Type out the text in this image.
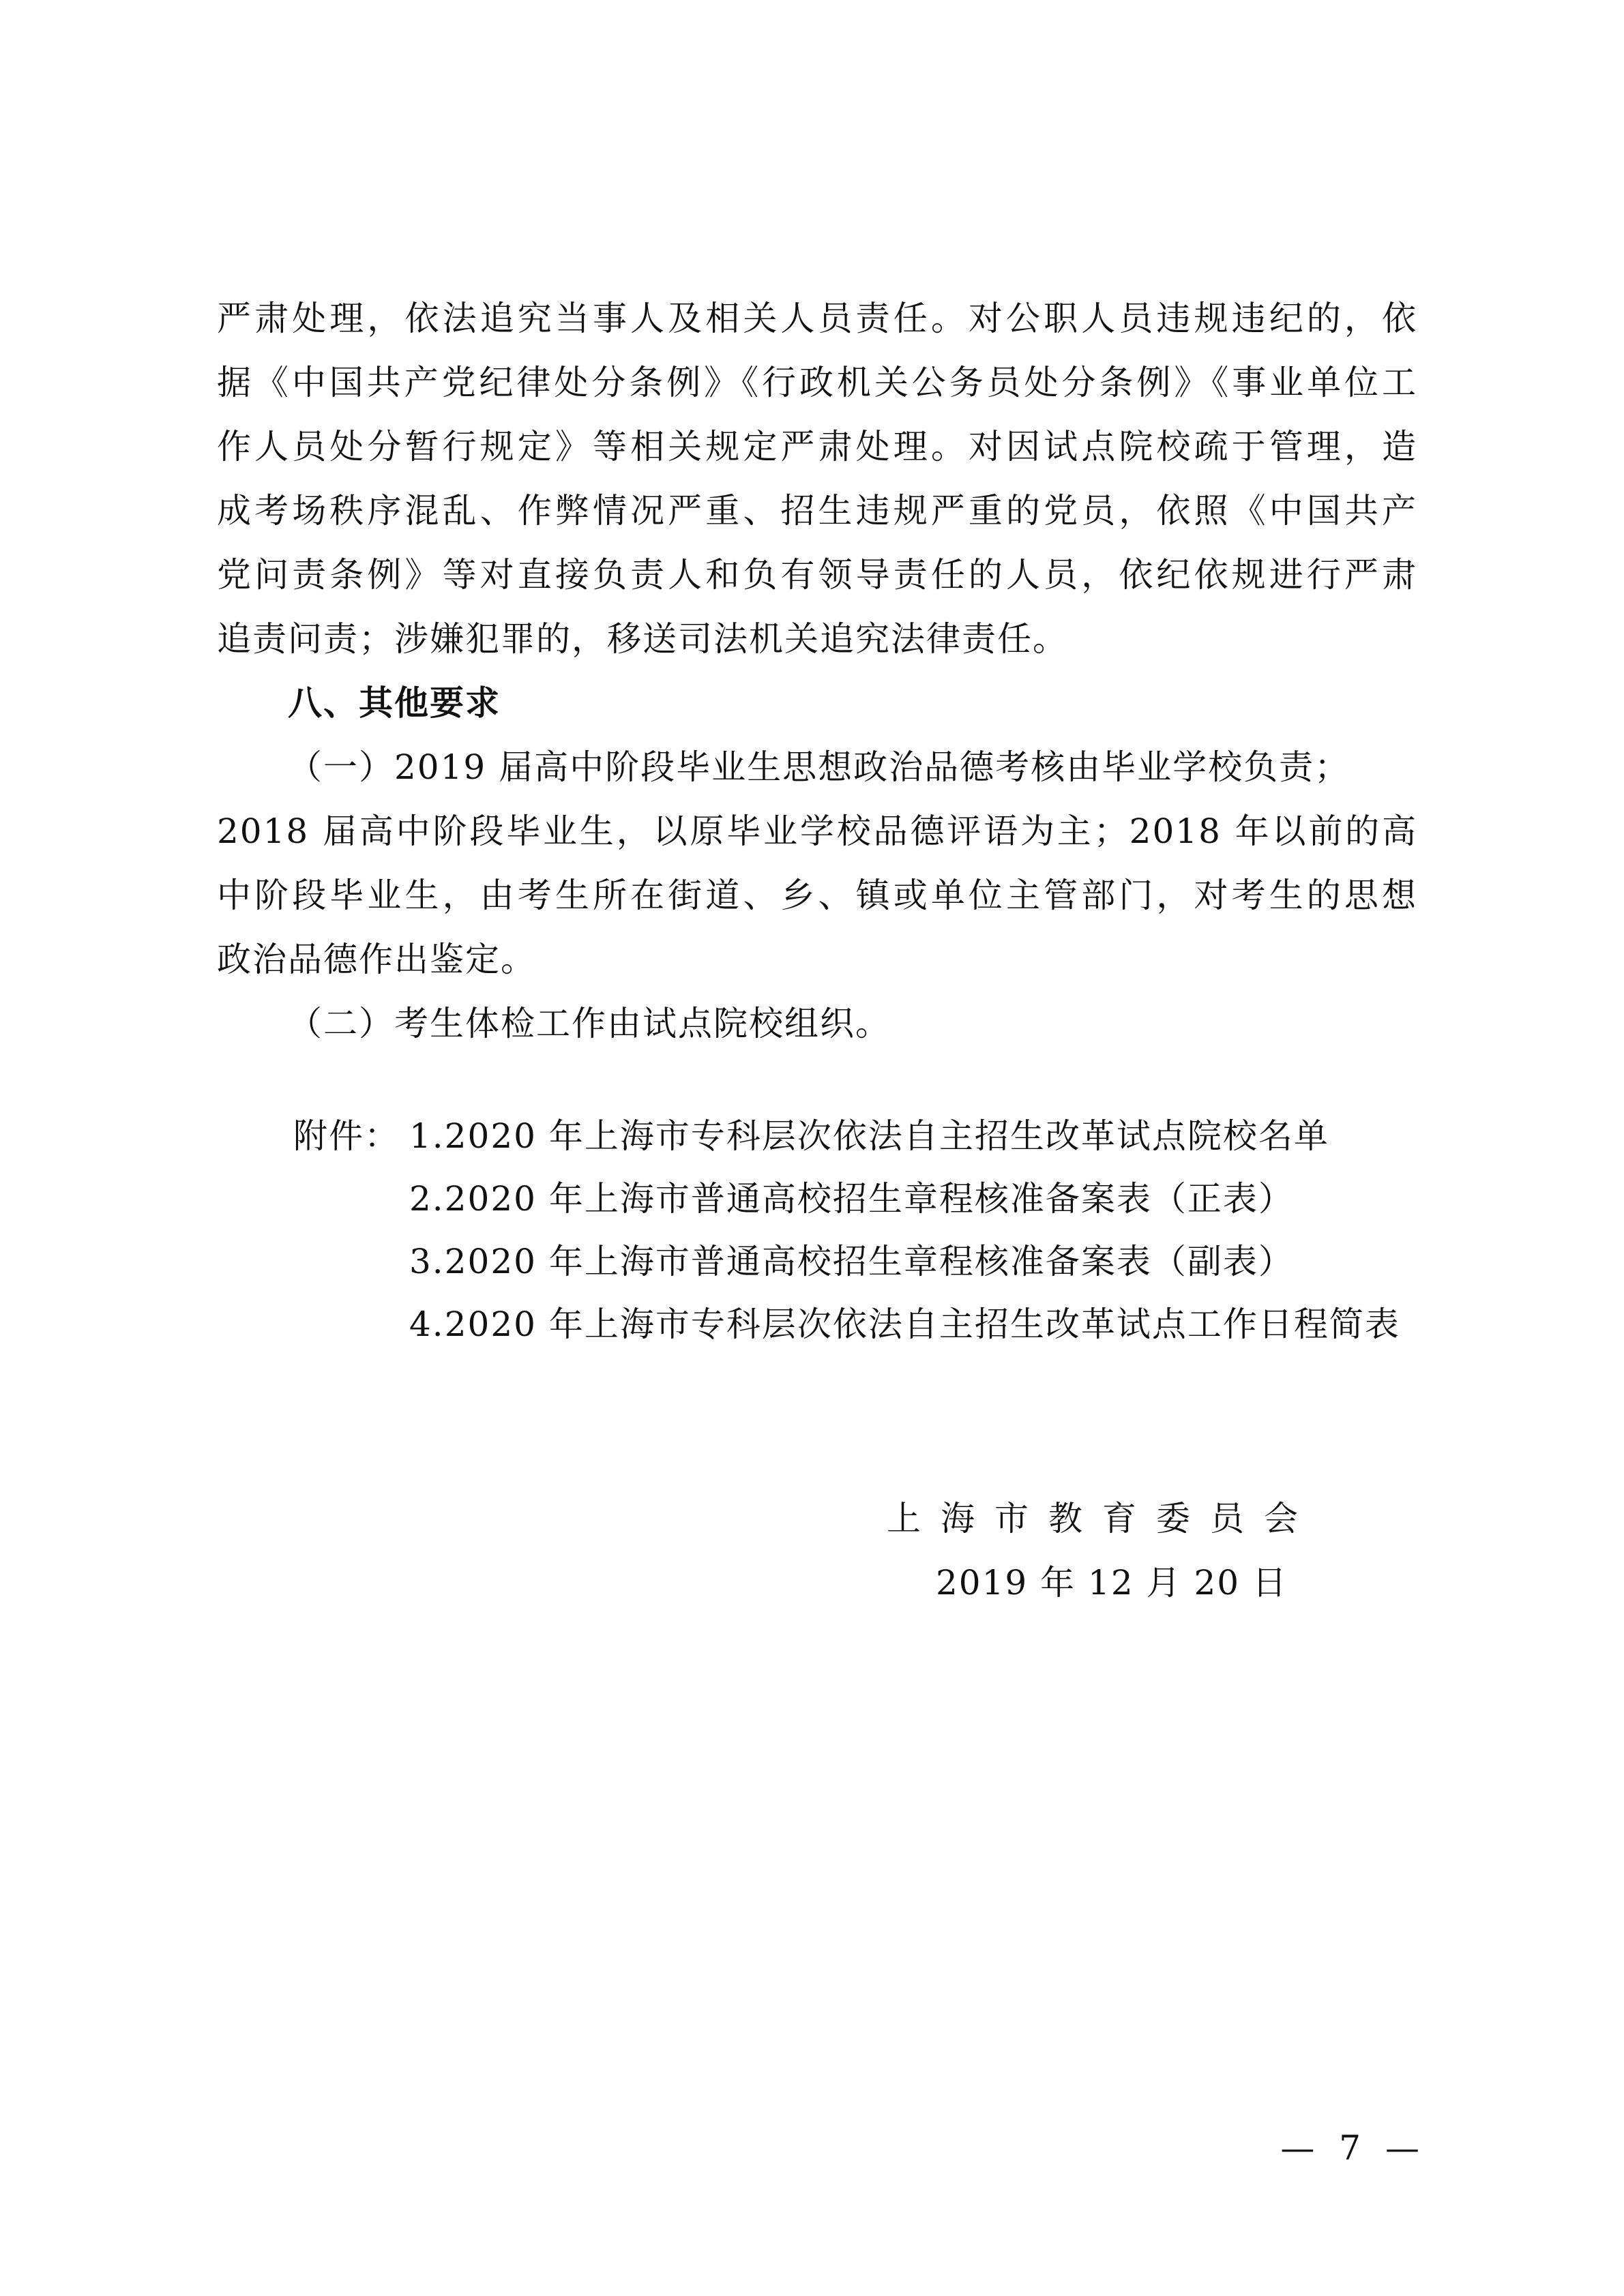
严肃处理，依法追究当事人及相关人员责任。对公职人员违规违纪的，依
据《中国共产党纪律处分条例》《行政机关公务员处分条例》《事业单位工
作人员处分暂行规定》等相关规定严肃处理。对因试点院校疏于管理，造
成考场秩序混乱、作弊情况严重、招生违规严重的党员，依照《中国共产
党问责条例》等对直接负责人和负有领导责任的人员，依纪依规进行严肃
追责问责；涉嫌犯罪的，移送司法机关追究法律责任。
八、其他要求
（一）2019 届高中阶段毕业生思想政治品德考核由毕业学校负责；
2018 届高中阶段毕业生，以原毕业学校品德评语为主；2018 年以前的高
中阶段毕业生，由考生所在街道、乡、镇或单位主管部门，对考生的思想
政治品德作出鉴定。
（二）考生体检工作由试点院校组织。
附件： 1.2020 年上海市专科层次依法自主招生改革试点院校名单
2.2020 年上海市普通高校招生章程核准备案表（正表）
3.2020 年上海市普通高校招生章程核准备案表（副表）
4.2020 年上海市专科层次依法自主招生改革试点工作日程简表
上海市教育委员会
2019 年 12 月 20 日
— 7 —
